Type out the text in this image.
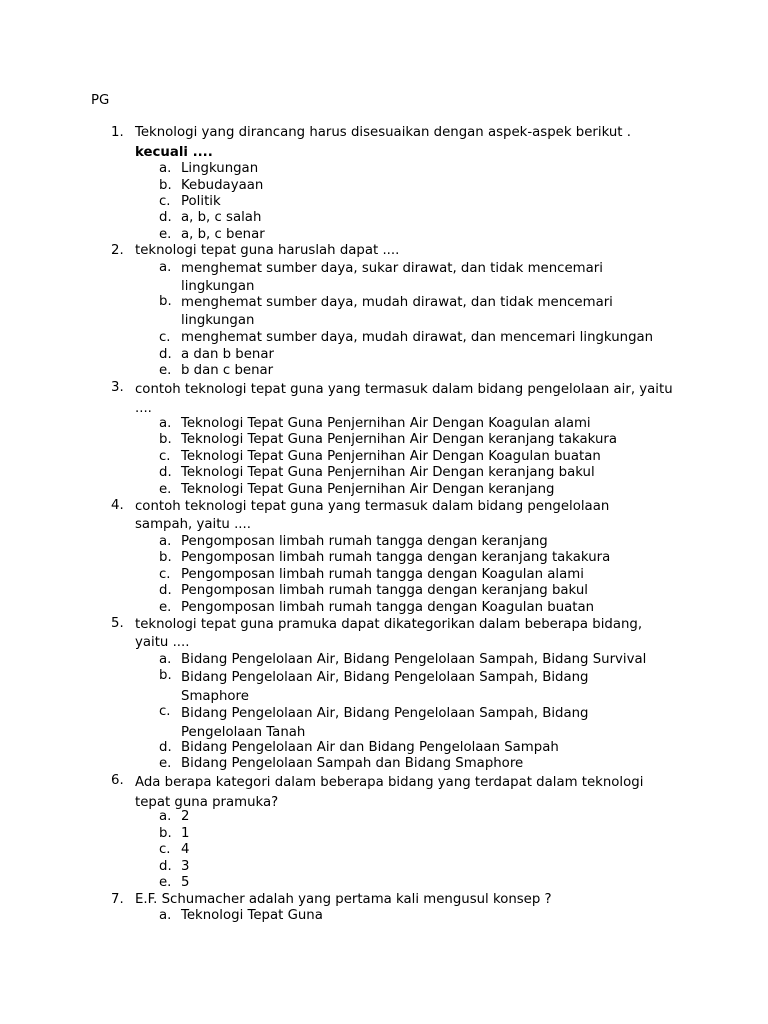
PG
1. Teknologi yang dirancang harus disesuaikan dengan aspek-aspek berikut .
kecuali ....
a. Lingkungan
b. Kebudayaan
c. Politik
d. a, b, c salah
e. a, b, c benar
2. teknologi tepat guna haruslah dapat ....
a. menghemat sumber daya, sukar dirawat, dan tidak mencemari lingkungan
b. menghemat sumber daya, mudah dirawat, dan tidak mencemari lingkungan
c. menghemat sumber daya, mudah dirawat, dan mencemari lingkungan
d. a dan b benar
e. b dan c benar
3. contoh teknologi tepat guna yang termasuk dalam bidang pengelolaan air, yaitu ....
a. Teknologi Tepat Guna Penjernihan Air Dengan Koagulan alami
b. Teknologi Tepat Guna Penjernihan Air Dengan keranjang takakura
c. Teknologi Tepat Guna Penjernihan Air Dengan Koagulan buatan
d. Teknologi Tepat Guna Penjernihan Air Dengan keranjang bakul
e. Teknologi Tepat Guna Penjernihan Air Dengan keranjang
4. contoh teknologi tepat guna yang termasuk dalam bidang pengelolaan sampah, yaitu ....
a. Pengomposan limbah rumah tangga dengan keranjang
b. Pengomposan limbah rumah tangga dengan keranjang takakura
c. Pengomposan limbah rumah tangga dengan Koagulan alami
d. Pengomposan limbah rumah tangga dengan keranjang bakul
e. Pengomposan limbah rumah tangga dengan Koagulan buatan
5. teknologi tepat guna pramuka dapat dikategorikan dalam beberapa bidang, yaitu ....
a. Bidang Pengelolaan Air, Bidang Pengelolaan Sampah, Bidang Survival
b. Bidang Pengelolaan Air, Bidang Pengelolaan Sampah, Bidang Smaphore
c. Bidang Pengelolaan Air, Bidang Pengelolaan Sampah, Bidang Pengelolaan Tanah
d. Bidang Pengelolaan Air dan Bidang Pengelolaan Sampah
e. Bidang Pengelolaan Sampah dan Bidang Smaphore
6. Ada berapa kategori dalam beberapa bidang yang terdapat dalam teknologi tepat guna pramuka?
a. 2
b. 1
c. 4
d. 3
e. 5
7. E.F. Schumacher adalah yang pertama kali mengusul konsep ?
a. Teknologi Tepat Guna
